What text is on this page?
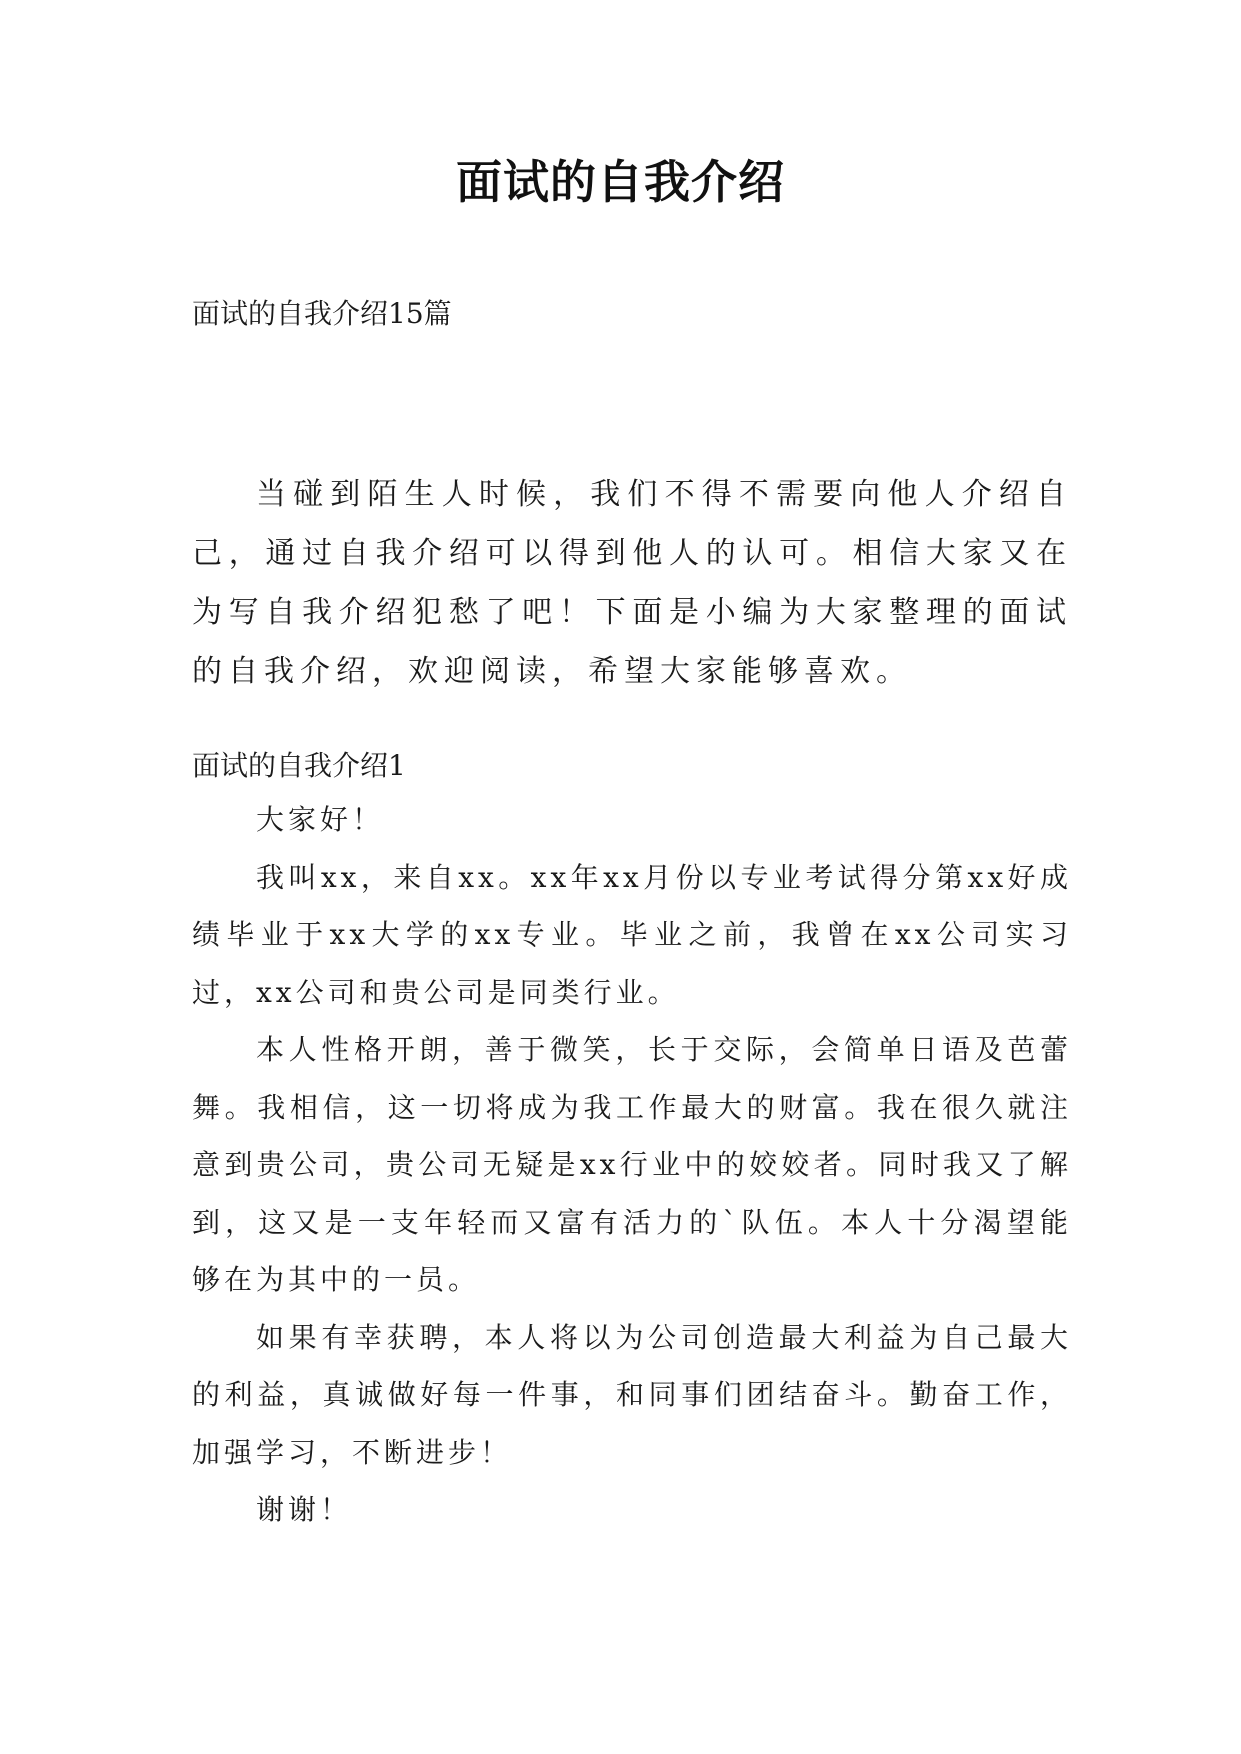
面试的自我介绍
面试的自我介绍15篇
当碰到陌生人时候，我们不得不需要向他人介绍自己，通过自我介绍可以得到他人的认可。相信大家又在为写自我介绍犯愁了吧！下面是小编为大家整理的面试的自我介绍，欢迎阅读，希望大家能够喜欢。
面试的自我介绍1

大家好！

我叫xx，来自xx。xx年xx月份以专业考试得分第xx好成绩毕业于xx大学的xx专业。毕业之前，我曾在xx公司实习过，xx公司和贵公司是同类行业。

本人性格开朗，善于微笑，长于交际，会简单日语及芭蕾舞。我相信，这一切将成为我工作最大的财富。我在很久就注意到贵公司，贵公司无疑是xx行业中的姣姣者。同时我又了解到，这又是一支年轻而又富有活力的`队伍。本人十分渴望能够在为其中的一员。

如果有幸获聘，本人将以为公司创造最大利益为自己最大的利益，真诚做好每一件事，和同事们团结奋斗。勤奋工作，加强学习，不断进步！

谢谢！
